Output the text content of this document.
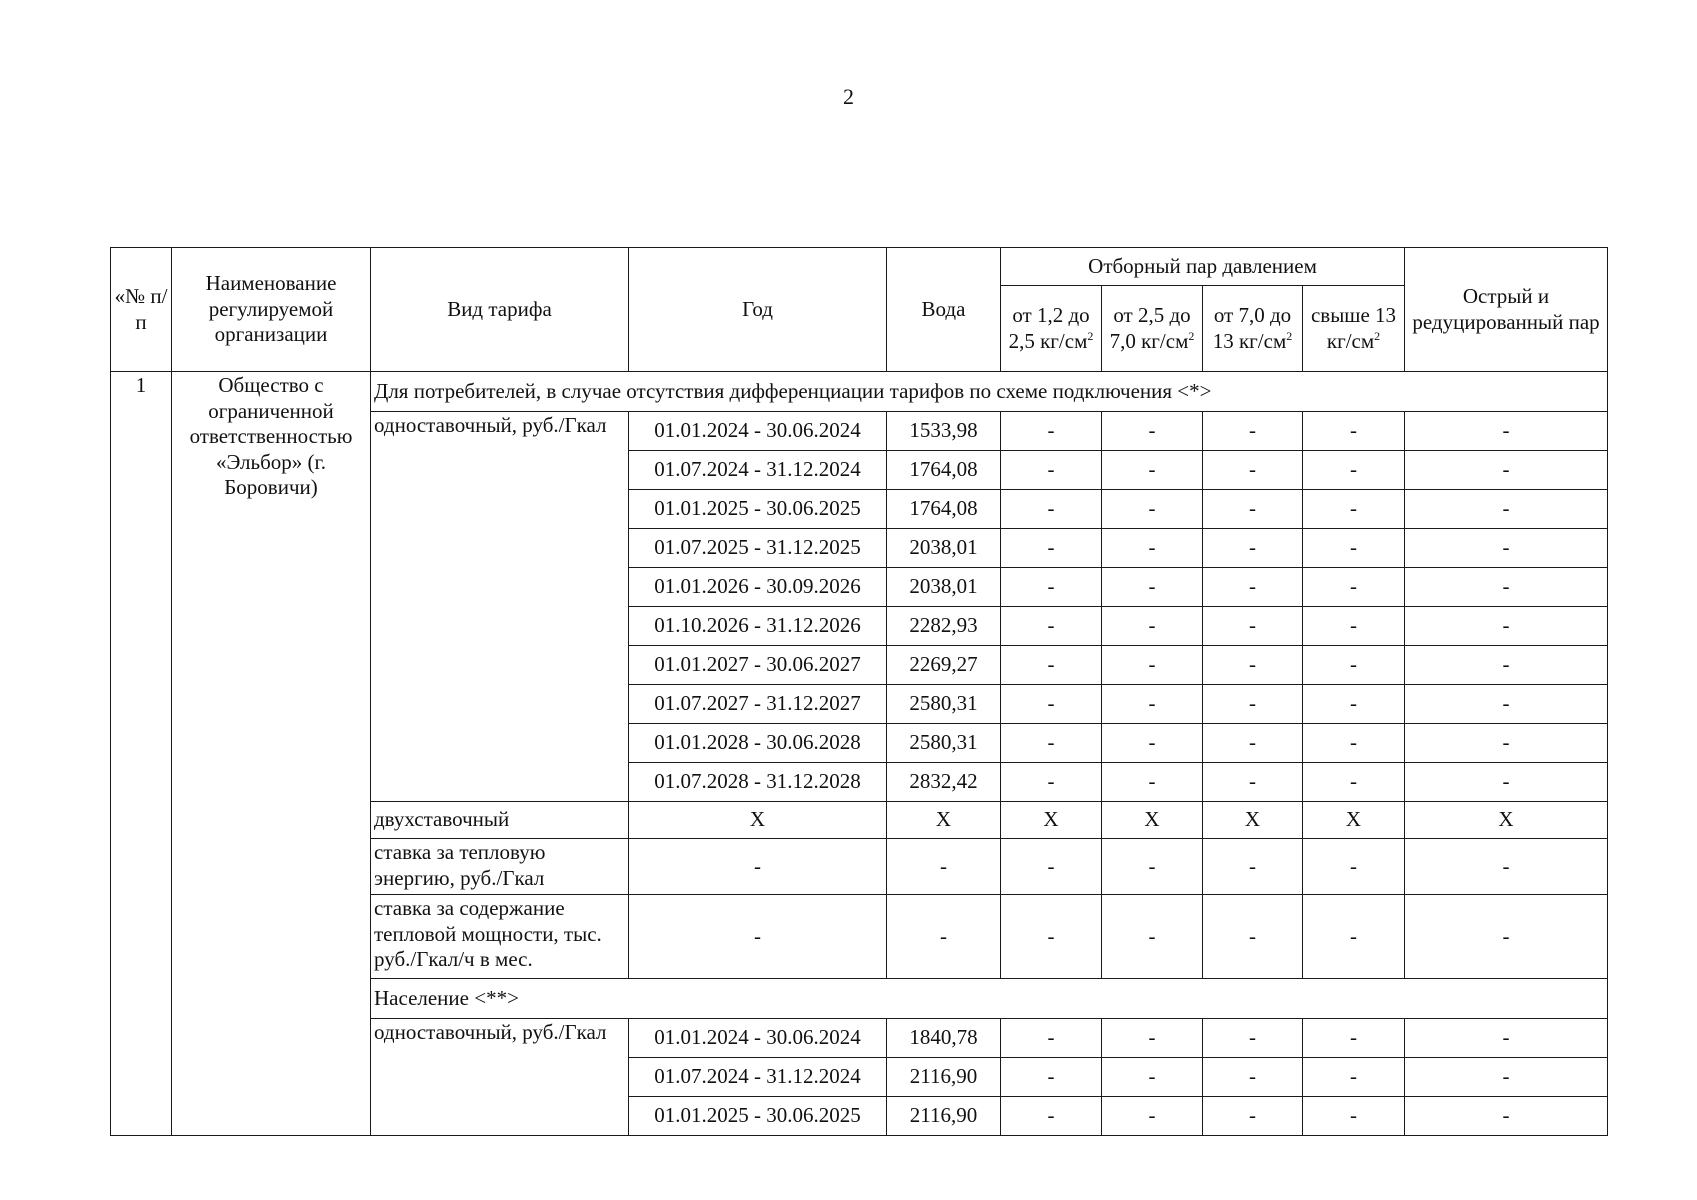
2
«№ п/п	Наименование регулируемой организации	Вид тарифа	Год	Вода	Отборный пар давлением				Острый и редуцированный пар
					от 1,2 до 2,5 $кг/см^2$	от 2,5 до 7,0 $кг/см^2$	от 7,0 до 13 $кг/см^2$	свыше 13 $кг/см^2$
1	Общество с ограниченной ответственностью «Эльбор» (г. Боровичи)	Для потребителей, в случае отсутствия дифференциации тарифов по схеме подключения <*>							
		одноставочный, руб./Гкал	01.01.2024 - 30.06.2024	1533,98	-	-	-	-	-
			01.07.2024 - 31.12.2024	1764,08	-	-	-	-	-
			01.01.2025 - 30.06.2025	1764,08	-	-	-	-	-
			01.07.2025 - 31.12.2025	2038,01	-	-	-	-	-
			01.01.2026 - 30.09.2026	2038,01	-	-	-	-	-
			01.10.2026 - 31.12.2026	2282,93	-	-	-	-	-
			01.01.2027 - 30.06.2027	2269,27	-	-	-	-	-
			01.07.2027 - 31.12.2027	2580,31	-	-	-	-	-
			01.01.2028 - 30.06.2028	2580,31	-	-	-	-	-
			01.07.2028 - 31.12.2028	2832,42	-	-	-	-	-
		двухставочный	X	X	X	X	X	X	X
		ставка за тепловую энергию, руб./Гкал	-	-	-	-	-	-	-
		ставка за содержание тепловой мощности, тыс. руб./Гкал/ч в мес.	-	-	-	-	-	-	-
		Население <**>							
		одноставочный, руб./Гкал	01.01.2024 - 30.06.2024	1840,78	-	-	-	-	-
			01.07.2024 - 31.12.2024	2116,90	-	-	-	-	-
			01.01.2025 - 30.06.2025	2116,90	-	-	-	-	-
